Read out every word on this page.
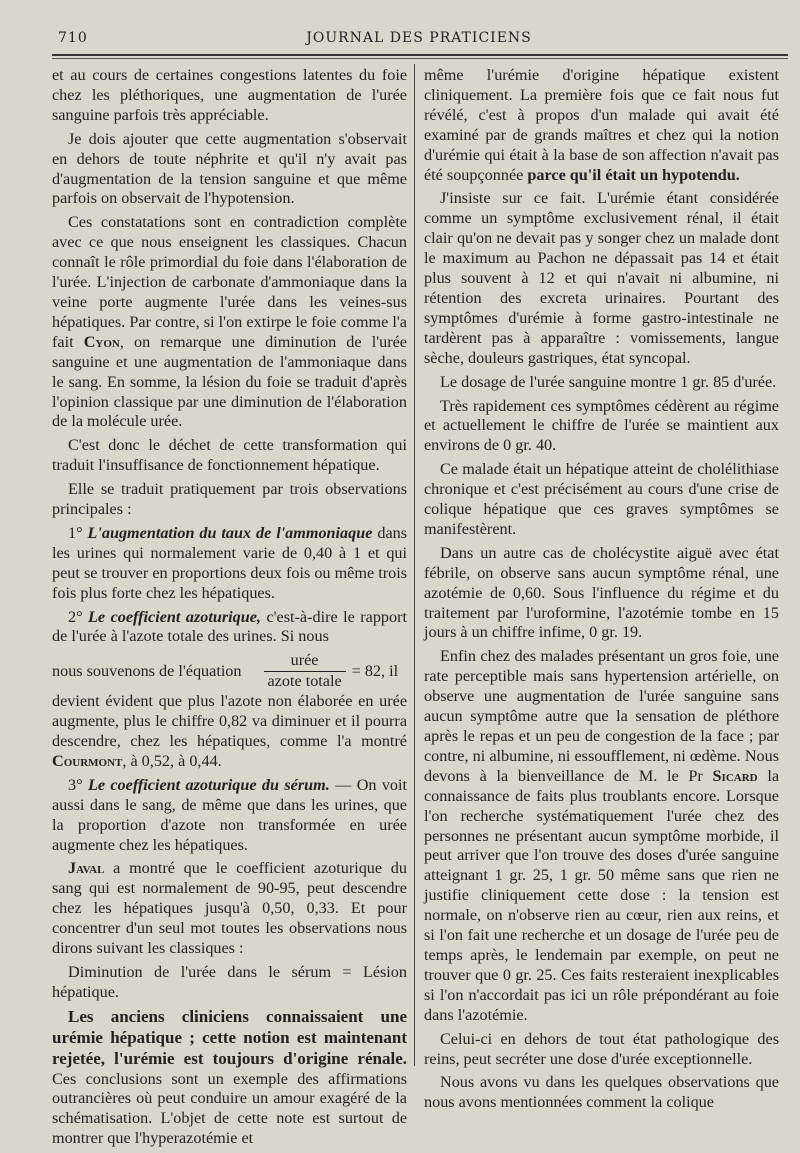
710	JOURNAL DES PRATICIENS

et au cours de certaines congestions latentes du foie chez les pléthoriques, une augmentation de l'urée sanguine parfois très appréciable.

Je dois ajouter que cette augmentation s'observait en dehors de toute néphrite et qu'il n'y avait pas d'augmentation de la tension sanguine et que même parfois on observait de l'hypotension.

Ces constatations sont en contradiction complète avec ce que nous enseignent les classiques. Chacun connaît le rôle primordial du foie dans l'élaboration de l'urée. L'injection de carbonate d'ammoniaque dans la veine porte augmente l'urée dans les veines-sus hépatiques. Par contre, si l'on extirpe le foie comme l'a fait Cyon, on remarque une diminution de l'urée sanguine et une augmentation de l'ammoniaque dans le sang. En somme, la lésion du foie se traduit d'après l'opinion classique par une diminution de l'élaboration de la molécule urée.

C'est donc le déchet de cette transformation qui traduit l'insuffisance de fonctionnement hépatique.

Elle se traduit pratiquement par trois observations principales :

1° L'augmentation du taux de l'ammoniaque dans les urines qui normalement varie de 0,40 à 1 et qui peut se trouver en proportions deux fois ou même trois fois plus forte chez les hépatiques.

2° Le coefficient azoturique, c'est-à-dire le rapport de l'urée à l'azote totale des urines. Si nous

nous souvenons de l'équation $\frac{\text{urée}}{\text{azote totale}} = 82$, il

devient évident que plus l'azote non élaborée en urée augmente, plus le chiffre 0,82 va diminuer et il pourra descendre, chez les hépatiques, comme l'a montré Courmont, à 0,52, à 0,44.

3° Le coefficient azoturique du sérum. — On voit aussi dans le sang, de même que dans les urines, que la proportion d'azote non transformée en urée augmente chez les hépatiques.

Javal a montré que le coefficient azoturique du sang qui est normalement de 90-95, peut descendre chez les hépatiques jusqu'à 0,50, 0,33. Et pour concentrer d'un seul mot toutes les observations nous dirons suivant les classiques :

Diminution de l'urée dans le sérum = Lésion hépatique.

Les anciens cliniciens connaissaient une urémie hépatique ; cette notion est maintenant rejetée, l'urémie est toujours d'origine rénale. Ces conclusions sont un exemple des affirmations outrancières où peut conduire un amour exagéré de la schématisation. L'objet de cette note est surtout de montrer que l'hyperazotémie et

même l'urémie d'origine hépatique existent cliniquement. La première fois que ce fait nous fut révélé, c'est à propos d'un malade qui avait été examiné par de grands maîtres et chez qui la notion d'urémie qui était à la base de son affection n'avait pas été soupçonnée parce qu'il était un hypotendu.

J'insiste sur ce fait. L'urémie étant considérée comme un symptôme exclusivement rénal, il était clair qu'on ne devait pas y songer chez un malade dont le maximum au Pachon ne dépassait pas 14 et était plus souvent à 12 et qui n'avait ni albumine, ni rétention des excreta urinaires. Pourtant des symptômes d'urémie à forme gastro-intestinale ne tardèrent pas à apparaître : vomissements, langue sèche, douleurs gastriques, état syncopal.

Le dosage de l'urée sanguine montre 1 gr. 85 d'urée.

Très rapidement ces symptômes cédèrent au régime et actuellement le chiffre de l'urée se maintient aux environs de 0 gr. 40.

Ce malade était un hépatique atteint de cholélithiase chronique et c'est précisément au cours d'une crise de colique hépatique que ces graves symptômes se manifestèrent.

Dans un autre cas de cholécystite aiguë avec état fébrile, on observe sans aucun symptôme rénal, une azotémie de 0,60. Sous l'influence du régime et du traitement par l'uroformine, l'azotémie tombe en 15 jours à un chiffre infime, 0 gr. 19.

Enfin chez des malades présentant un gros foie, une rate perceptible mais sans hypertension artérielle, on observe une augmentation de l'urée sanguine sans aucun symptôme autre que la sensation de pléthore après le repas et un peu de congestion de la face ; par contre, ni albumine, ni essoufflement, ni œdème. Nous devons à la bienveillance de M. le Pr Sicard la connaissance de faits plus troublants encore. Lorsque l'on recherche systématiquement l'urée chez des personnes ne présentant aucun symptôme morbide, il peut arriver que l'on trouve des doses d'urée sanguine atteignant 1 gr. 25, 1 gr. 50 même sans que rien ne justifie cliniquement cette dose : la tension est normale, on n'observe rien au cœur, rien aux reins, et si l'on fait une recherche et un dosage de l'urée peu de temps après, le lendemain par exemple, on peut ne trouver que 0 gr. 25. Ces faits resteraient inexplicables si l'on n'accordait pas ici un rôle prépondérant au foie dans l'azotémie.

Celui-ci en dehors de tout état pathologique des reins, peut secréter une dose d'urée exceptionnelle.

Nous avons vu dans les quelques observations que nous avons mentionnées comment la colique
